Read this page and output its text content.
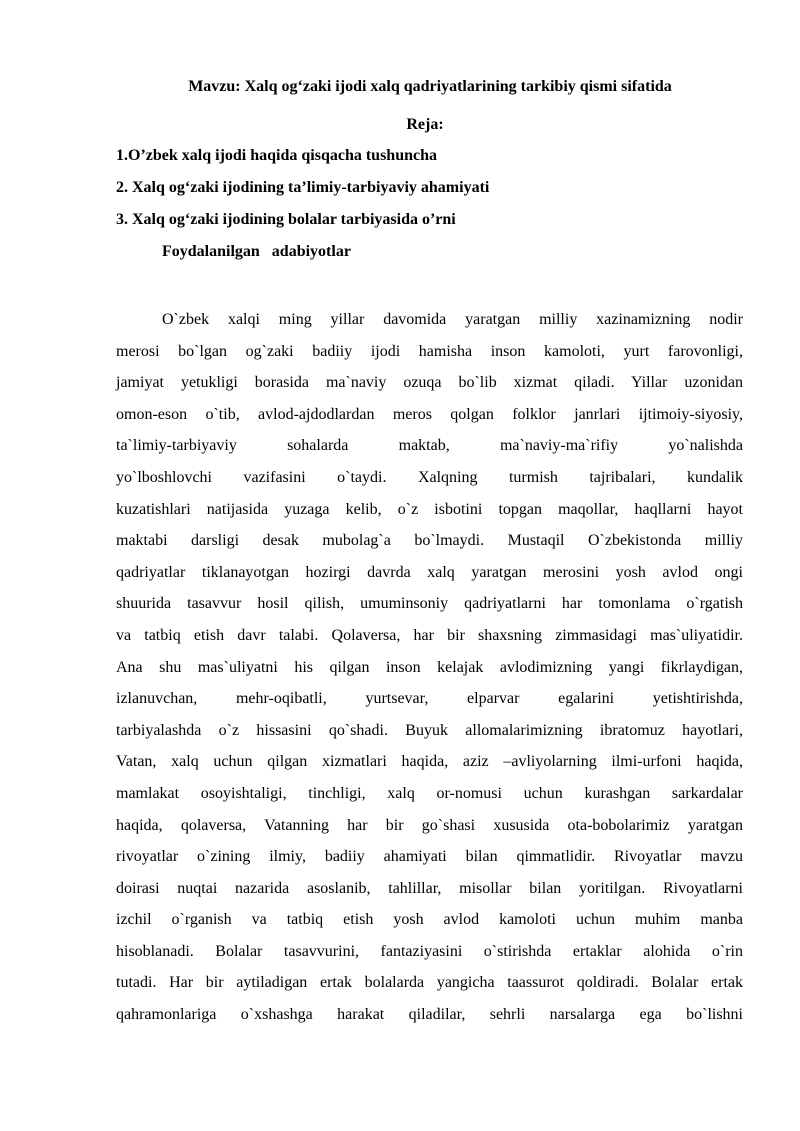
Mavzu: Xalq og‘zaki ijodi xalq qadriyatlarining tarkibiy qismi sifatida
Reja:
1.O’zbek xalq ijodi haqida qisqacha tushuncha
2. Xalq og‘zaki ijodining ta’limiy-tarbiyaviy ahamiyati
3. Xalq og‘zaki ijodining bolalar tarbiyasida o’rni
Foydalanilgan   adabiyotlar
O`zbek xalqi ming yillar davomida yaratgan milliy xazinamizning nodir
merosi bo`lgan og`zaki badiiy ijodi hamisha inson kamoloti, yurt farovonligi,
jamiyat yetukligi borasida ma`naviy ozuqa bo`lib xizmat qiladi. Yillar uzonidan
omon-eson o`tib, avlod-ajdodlardan meros qolgan folklor janrlari ijtimoiy-siyosiy,
ta`limiy-tarbiyaviy sohalarda maktab, ma`naviy-ma`rifiy yo`nalishda
yo`lboshlovchi vazifasini o`taydi. Xalqning turmish tajribalari, kundalik
kuzatishlari natijasida yuzaga kelib, o`z isbotini topgan maqollar, haqllarni hayot
maktabi darsligi desak mubolag`a bo`lmaydi. Mustaqil O`zbekistonda milliy
qadriyatlar tiklanayotgan hozirgi davrda xalq yaratgan merosini yosh avlod ongi
shuurida tasavvur hosil qilish, umuminsoniy qadriyatlarni har tomonlama o`rgatish
va tatbiq etish davr talabi. Qolaversa, har bir shaxsning zimmasidagi mas`uliyatidir.
Ana shu mas`uliyatni his qilgan inson kelajak avlodimizning yangi fikrlaydigan,
izlanuvchan, mehr-oqibatli, yurtsevar, elparvar egalarini yetishtirishda,
tarbiyalashda o`z hissasini qo`shadi. Buyuk allomalarimizning ibratomuz hayotlari,
Vatan, xalq uchun qilgan xizmatlari haqida, aziz –avliyolarning ilmi-urfoni haqida,
mamlakat osoyishtaligi, tinchligi, xalq or-nomusi uchun kurashgan sarkardalar
haqida, qolaversa, Vatanning har bir go`shasi xususida ota-bobolarimiz yaratgan
rivoyatlar o`zining ilmiy, badiiy ahamiyati bilan qimmatlidir. Rivoyatlar mavzu
doirasi nuqtai nazarida asoslanib, tahlillar, misollar bilan yoritilgan. Rivoyatlarni
izchil o`rganish va tatbiq etish yosh avlod kamoloti uchun muhim manba
hisoblanadi. Bolalar tasavvurini, fantaziyasini o`stirishda ertaklar alohida o`rin
tutadi. Har bir aytiladigan ertak bolalarda yangicha taassurot qoldiradi. Bolalar ertak
qahramonlariga o`xshashga harakat qiladilar, sehrli narsalarga ega bo`lishni
